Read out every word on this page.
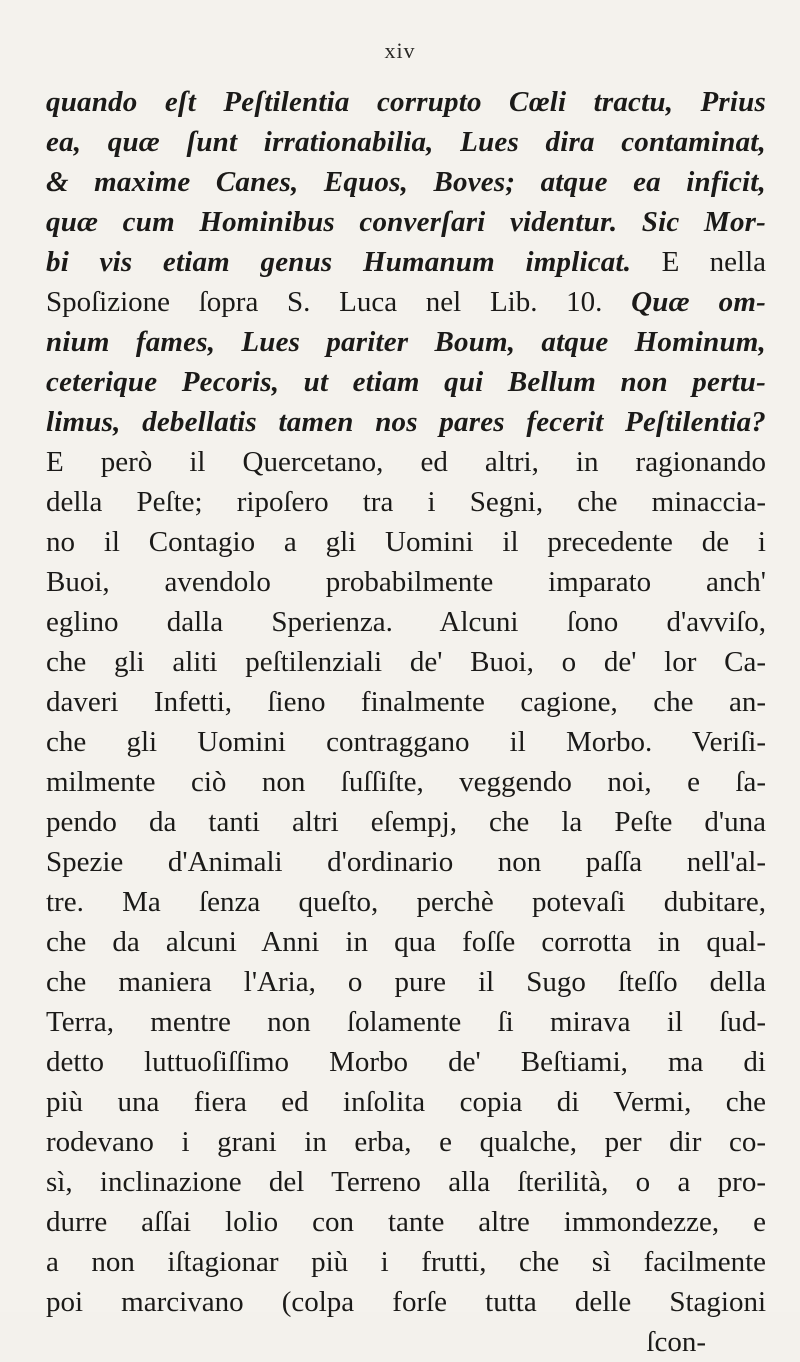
xiv
quando eſt Peſtilentia corrupto Cœli tractu, Prius
ea, quæ ſunt irrationabilia, Lues dira contaminat,
& maxime Canes, Equos, Boves; atque ea inficit,
quæ cum Hominibus converſari videntur. Sic Mor-
bi vis etiam genus Humanum implicat. E nella
Spoſizione ſopra S. Luca nel Lib. 10. Quæ om-
nium fames, Lues pariter Boum, atque Hominum,
ceterique Pecoris, ut etiam qui Bellum non pertu-
limus, debellatis tamen nos pares fecerit Peſtilentia?
E però il Quercetano, ed altri, in ragionando
della Peſte; ripoſero tra i Segni, che minaccia-
no il Contagio a gli Uomini il precedente de i
Buoi, avendolo probabilmente imparato anch'
eglino dalla Sperienza. Alcuni ſono d'avviſo,
che gli aliti peſtilenziali de' Buoi, o de' lor Ca-
daveri Infetti, ſieno finalmente cagione, che an-
che gli Uomini contraggano il Morbo. Veriſi-
milmente ciò non ſuſſiſte, veggendo noi, e ſa-
pendo da tanti altri eſempj, che la Peſte d'una
Spezie d'Animali d'ordinario non paſſa nell'al-
tre. Ma ſenza queſto, perchè potevaſi dubitare,
che da alcuni Anni in qua foſſe corrotta in qual-
che maniera l'Aria, o pure il Sugo ſteſſo della
Terra, mentre non ſolamente ſi mirava il ſud-
detto luttuoſiſſimo Morbo de' Beſtiami, ma di
più una fiera ed inſolita copia di Vermi, che
rodevano i grani in erba, e qualche, per dir co-
sì, inclinazione del Terreno alla ſterilità, o a pro-
durre aſſai lolio con tante altre immondezze, e
a non iſtagionar più i frutti, che sì facilmente
poi marcivano (colpa forſe tutta delle Stagioni
ſcon-
